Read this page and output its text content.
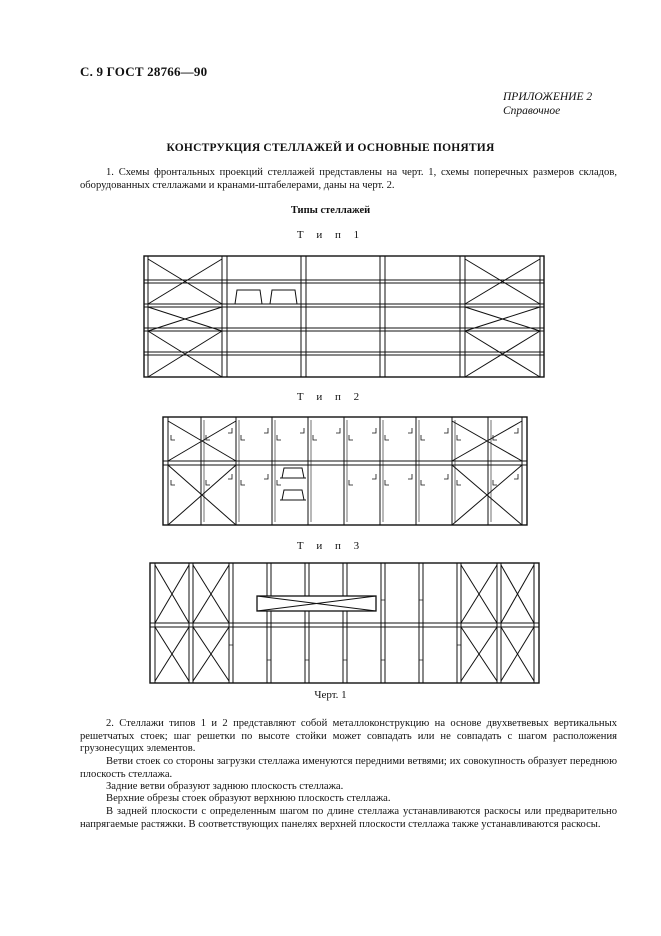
С. 9 ГОСТ 28766—90
ПРИЛОЖЕНИЕ 2
Справочное
КОНСТРУКЦИЯ СТЕЛЛАЖЕЙ И ОСНОВНЫЕ ПОНЯТИЯ
1. Схемы фронтальных проекций стеллажей представлены на черт. 1, схемы поперечных размеров складов, оборудованных стеллажами и кранами-штабелерами, даны на черт. 2.
Типы стеллажей
Т и п 1
Т и п 2
Т и п 3
Черт. 1
2. Стеллажи типов 1 и 2 представляют собой металлоконструкцию на основе двухветвевых вертикальных решетчатых стоек; шаг решетки по высоте стойки может совпадать или не совпадать с шагом расположения грузонесущих элементов.
Ветви стоек со стороны загрузки стеллажа именуются передними ветвями; их совокупность образует переднюю плоскость стеллажа.
Задние ветви образуют заднюю плоскость стеллажа.
Верхние обрезы стоек образуют верхнюю плоскость стеллажа.
В задней плоскости с определенным шагом по длине стеллажа устанавливаются раскосы или предварительно напрягаемые растяжки. В соответствующих панелях верхней плоскости стеллажа также устанавливаются раскосы.
